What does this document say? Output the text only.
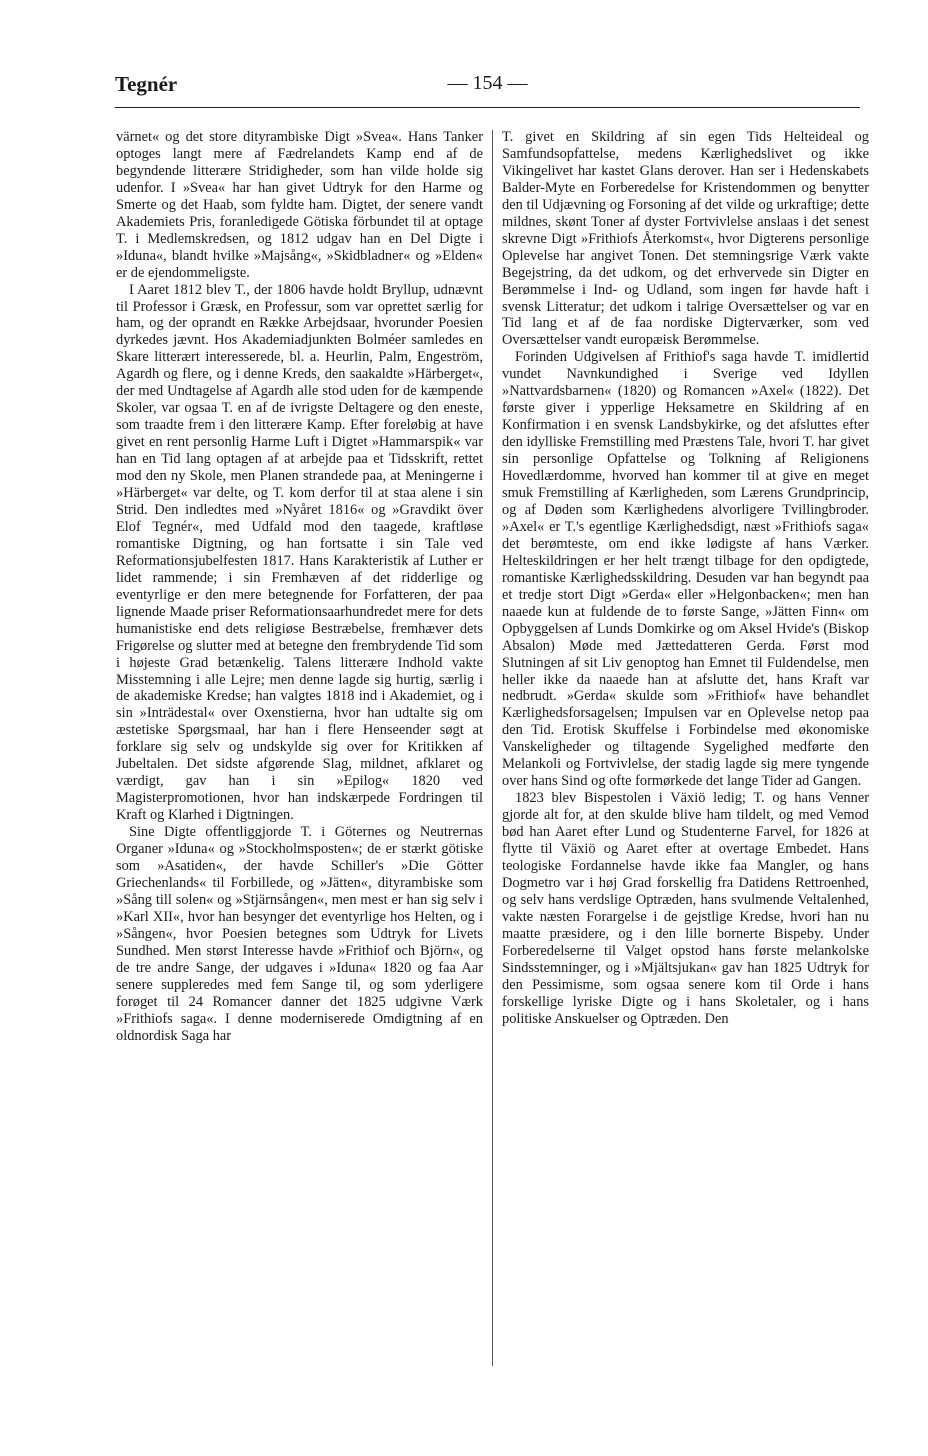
Tegnér	— 154 —

värnet« og det store dityrambiske Digt »Svea«. Hans Tanker optoges langt mere af Fædrelandets Kamp end af de begyndende litterære Stridigheder, som han vilde holde sig udenfor. I »Svea« har han givet Udtryk for den Harme og Smerte og det Haab, som fyldte ham. Digtet, der senere vandt Akademiets Pris, foranledigede Götiska förbundet til at optage T. i Medlemskredsen, og 1812 udgav han en Del Digte i »Iduna«, blandt hvilke »Majsång«, »Skidbladner« og »Elden« er de ejendommeligste.

I Aaret 1812 blev T., der 1806 havde holdt Bryllup, udnævnt til Professor i Græsk, en Professur, som var oprettet særlig for ham, og der oprandt en Række Arbejdsaar, hvorunder Poesien dyrkedes jævnt. Hos Akademiadjunkten Bolméer samledes en Skare litterært interesserede, bl. a. Heurlin, Palm, Engeström, Agardh og flere, og i denne Kreds, den saakaldte »Härberget«, der med Undtagelse af Agardh alle stod uden for de kæmpende Skoler, var ogsaa T. en af de ivrigste Deltagere og den eneste, som traadte frem i den litterære Kamp. Efter foreløbig at have givet en rent personlig Harme Luft i Digtet »Hammarspik« var han en Tid lang optagen af at arbejde paa et Tidsskrift, rettet mod den ny Skole, men Planen strandede paa, at Meningerne i »Härberget« var delte, og T. kom derfor til at staa alene i sin Strid. Den indledtes med »Nyåret 1816« og »Gravdikt över Elof Tegnér«, med Udfald mod den taagede, kraftløse romantiske Digtning, og han fortsatte i sin Tale ved Reformationsjubelfesten 1817. Hans Karakteristik af Luther er lidet rammende; i sin Fremhæven af det ridderlige og eventyrlige er den mere betegnende for Forfatteren, der paa lignende Maade priser Reformationsaarhundredet mere for dets humanistiske end dets religiøse Bestræbelse, fremhæver dets Frigørelse og slutter med at betegne den frembrydende Tid som i højeste Grad betænkelig. Talens litterære Indhold vakte Misstemning i alle Lejre; men denne lagde sig hurtig, særlig i de akademiske Kredse; han valgtes 1818 ind i Akademiet, og i sin »Inträdestal« over Oxenstierna, hvor han udtalte sig om æstetiske Spørgsmaal, har han i flere Henseender søgt at forklare sig selv og undskylde sig over for Kritikken af Jubeltalen. Det sidste afgørende Slag, mildnet, afklaret og værdigt, gav han i sin »Epilog« 1820 ved Magisterpromotionen, hvor han indskærpede Fordringen til Kraft og Klarhed i Digtningen.

Sine Digte offentliggjorde T. i Göternes og Neutrernas Organer »Iduna« og »Stockholmsposten«; de er stærkt götiske som »Asatiden«, der havde Schiller's »Die Götter Griechenlands« til Forbillede, og »Jätten«, dityrambiske som »Sång till solen« og »Stjärnsången«, men mest er han sig selv i »Karl XII«, hvor han besynger det eventyrlige hos Helten, og i »Sången«, hvor Poesien betegnes som Udtryk for Livets Sundhed. Men størst Interesse havde »Frithiof och Björn«, og de tre andre Sange, der udgaves i »Iduna« 1820 og faa Aar senere suppleredes med fem Sange til, og som yderligere forøget til 24 Romancer danner det 1825 udgivne Værk »Frithiofs saga«. I denne moderniserede Omdigtning af en oldnordisk Saga har

T. givet en Skildring af sin egen Tids Helteideal og Samfundsopfattelse, medens Kærlighedslivet og ikke Vikingelivet har kastet Glans derover. Han ser i Hedenskabets Balder-Myte en Forberedelse for Kristendommen og benytter den til Udjævning og Forsoning af det vilde og urkraftige; dette mildnes, skønt Toner af dyster Fortvivlelse anslaas i det senest skrevne Digt »Frithiofs Återkomst«, hvor Digterens personlige Oplevelse har angivet Tonen. Det stemningsrige Værk vakte Begejstring, da det udkom, og det erhvervede sin Digter en Berømmelse i Ind- og Udland, som ingen før havde haft i svensk Litteratur; det udkom i talrige Oversættelser og var en Tid lang et af de faa nordiske Digterværker, som ved Oversættelser vandt europæisk Berømmelse.

Forinden Udgivelsen af Frithiof's saga havde T. imidlertid vundet Navnkundighed i Sverige ved Idyllen »Nattvardsbarnen« (1820) og Romancen »Axel« (1822). Det første giver i ypperlige Heksametre en Skildring af en Konfirmation i en svensk Landsbykirke, og det afsluttes efter den idylliske Fremstilling med Præstens Tale, hvori T. har givet sin personlige Opfattelse og Tolkning af Religionens Hovedlærdomme, hvorved han kommer til at give en meget smuk Fremstilling af Kærligheden, som Lærens Grundprincip, og af Døden som Kærlighedens alvorligere Tvillingbroder. »Axel« er T.'s egentlige Kærlighedsdigt, næst »Frithiofs saga« det berømteste, om end ikke lødigste af hans Værker. Helteskildringen er her helt trængt tilbage for den opdigtede, romantiske Kærlighedsskildring. Desuden var han begyndt paa et tredje stort Digt »Gerda« eller »Helgonbacken«; men han naaede kun at fuldende de to første Sange, »Jätten Finn« om Opbyggelsen af Lunds Domkirke og om Aksel Hvide's (Biskop Absalon) Møde med Jættedatteren Gerda. Først mod Slutningen af sit Liv genoptog han Emnet til Fuldendelse, men heller ikke da naaede han at afslutte det, hans Kraft var nedbrudt. »Gerda« skulde som »Frithiof« have behandlet Kærlighedsforsagelsen; Impulsen var en Oplevelse netop paa den Tid. Erotisk Skuffelse i Forbindelse med økonomiske Vanskeligheder og tiltagende Sygelighed medførte den Melankoli og Fortvivlelse, der stadig lagde sig mere tyngende over hans Sind og ofte formørkede det lange Tider ad Gangen.

1823 blev Bispestolen i Växiö ledig; T. og hans Venner gjorde alt for, at den skulde blive ham tildelt, og med Vemod bød han Aaret efter Lund og Studenterne Farvel, for 1826 at flytte til Växiö og Aaret efter at overtage Embedet. Hans teologiske Fordannelse havde ikke faa Mangler, og hans Dogmetro var i høj Grad forskellig fra Datidens Rettroenhed, og selv hans verdslige Optræden, hans svulmende Veltalenhed, vakte næsten Forargelse i de gejstlige Kredse, hvori han nu maatte præsidere, og i den lille bornerte Bispeby. Under Forberedelserne til Valget opstod hans første melankolske Sindsstemninger, og i »Mjältsjukan« gav han 1825 Udtryk for den Pessimisme, som ogsaa senere kom til Orde i hans forskellige lyriske Digte og i hans Skoletaler, og i hans politiske Anskuelser og Optræden. Den
